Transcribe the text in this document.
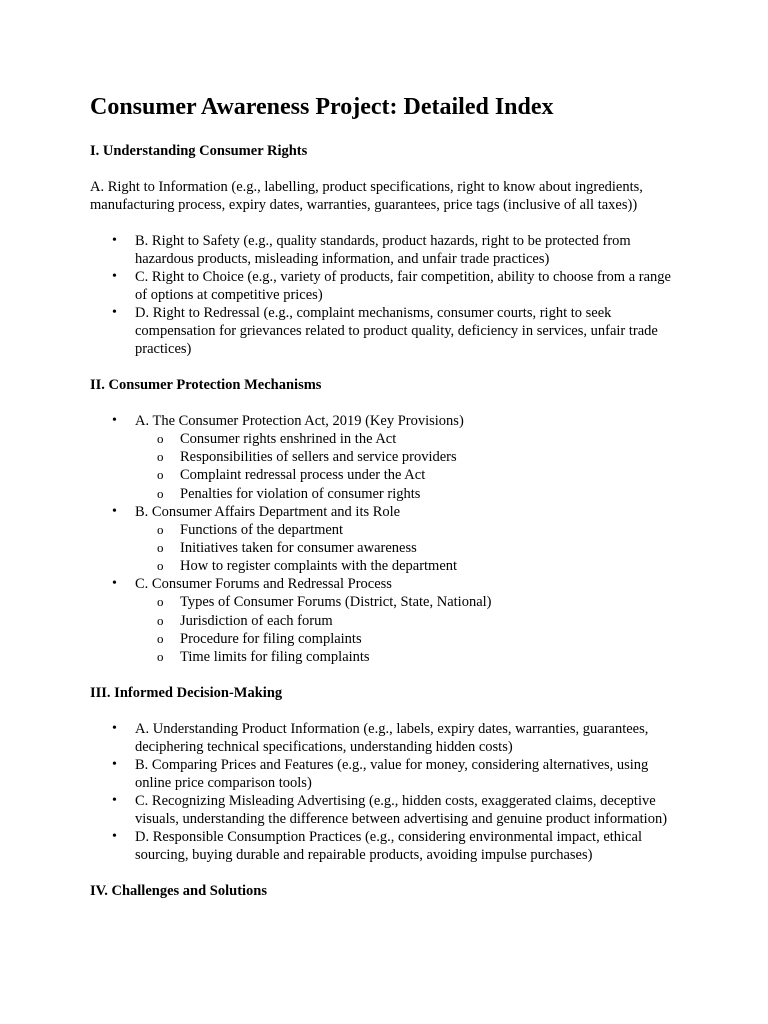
Consumer Awareness Project: Detailed Index
I. Understanding Consumer Rights

A. Right to Information (e.g., labelling, product specifications, right to know about ingredients, manufacturing process, expiry dates, warranties, guarantees, price tags (inclusive of all taxes))

• B. Right to Safety (e.g., quality standards, product hazards, right to be protected from hazardous products, misleading information, and unfair trade practices)
• C. Right to Choice (e.g., variety of products, fair competition, ability to choose from a range of options at competitive prices)
• D. Right to Redressal (e.g., complaint mechanisms, consumer courts, right to seek compensation for grievances related to product quality, deficiency in services, unfair trade practices)
II. Consumer Protection Mechanisms
• A. The Consumer Protection Act, 2019 (Key Provisions)
o Consumer rights enshrined in the Act
o Responsibilities of sellers and service providers
o Complaint redressal process under the Act
o Penalties for violation of consumer rights
• B. Consumer Affairs Department and its Role
o Functions of the department
o Initiatives taken for consumer awareness
o How to register complaints with the department
• C. Consumer Forums and Redressal Process
o Types of Consumer Forums (District, State, National)
o Jurisdiction of each forum
o Procedure for filing complaints
o Time limits for filing complaints
III. Informed Decision-Making
• A. Understanding Product Information (e.g., labels, expiry dates, warranties, guarantees, deciphering technical specifications, understanding hidden costs)
• B. Comparing Prices and Features (e.g., value for money, considering alternatives, using online price comparison tools)
• C. Recognizing Misleading Advertising (e.g., hidden costs, exaggerated claims, deceptive visuals, understanding the difference between advertising and genuine product information)
• D. Responsible Consumption Practices (e.g., considering environmental impact, ethical sourcing, buying durable and repairable products, avoiding impulse purchases)
IV. Challenges and Solutions
